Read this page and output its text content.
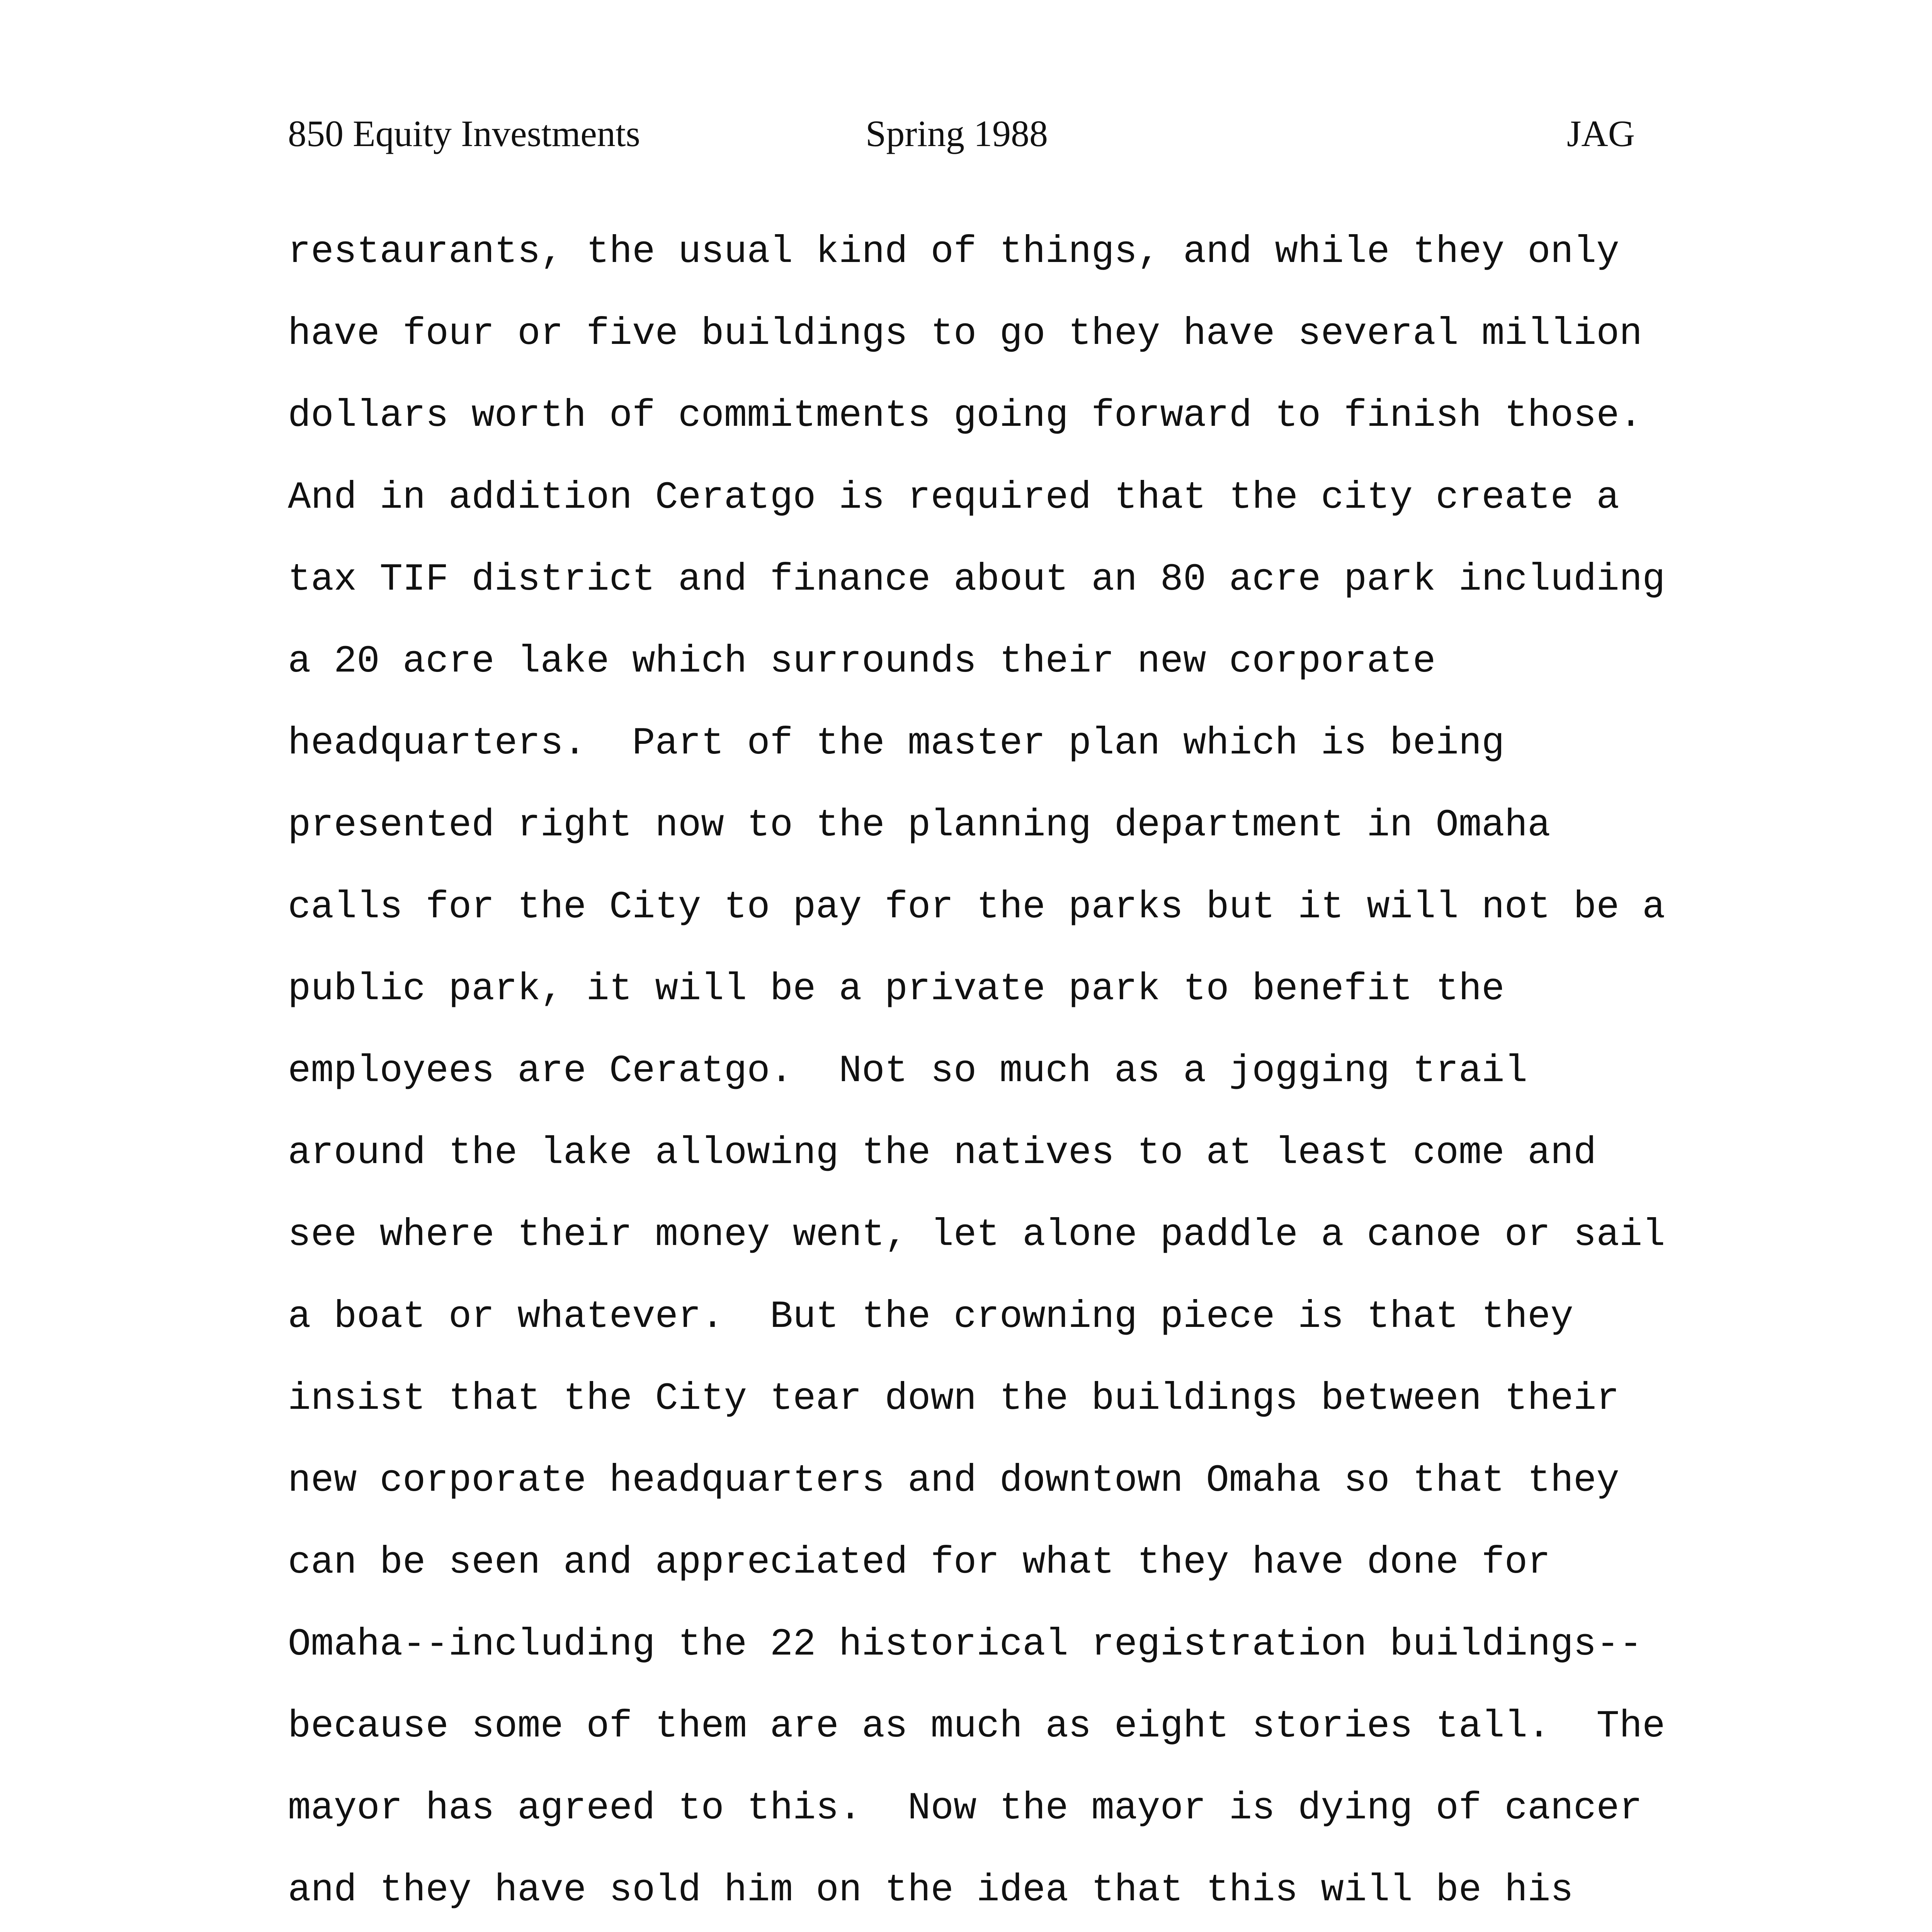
850 Equity Investments	Spring 1988	JAG
restaurants, the usual kind of things, and while they only
have four or five buildings to go they have several million
dollars worth of commitments going forward to finish those.
And in addition Ceratgo is required that the city create a
tax TIF district and finance about an 80 acre park including
a 20 acre lake which surrounds their new corporate
headquarters.  Part of the master plan which is being
presented right now to the planning department in Omaha
calls for the City to pay for the parks but it will not be a
public park, it will be a private park to benefit the
employees are Ceratgo.  Not so much as a jogging trail
around the lake allowing the natives to at least come and
see where their money went, let alone paddle a canoe or sail
a boat or whatever.  But the crowning piece is that they
insist that the City tear down the buildings between their
new corporate headquarters and downtown Omaha so that they
can be seen and appreciated for what they have done for
Omaha--including the 22 historical registration buildings--
because some of them are as much as eight stories tall.  The
mayor has agreed to this.  Now the mayor is dying of cancer
and they have sold him on the idea that this will be his
